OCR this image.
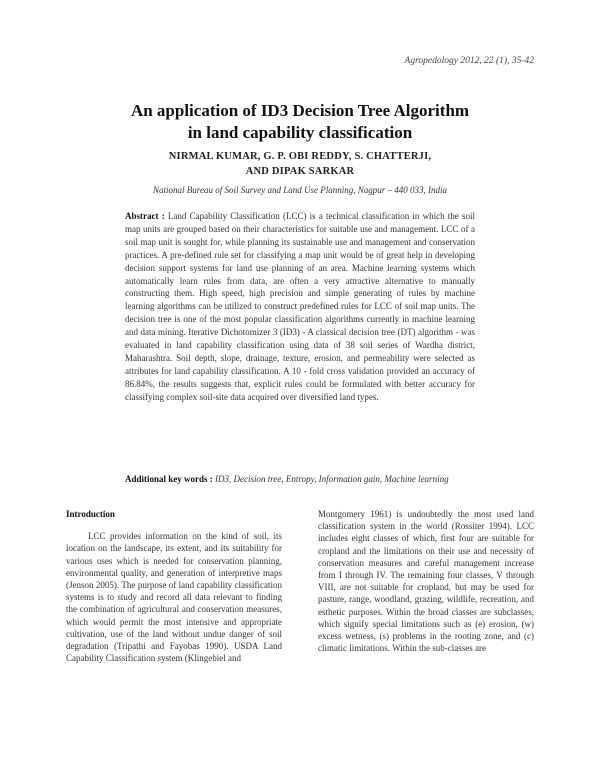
Agropedology 2012, 22 (1), 35-42
An application of ID3 Decision Tree Algorithm
in land capability classification
NIRMAL KUMAR, G. P. OBI REDDY, S. CHATTERJI,
AND DIPAK SARKAR
National Bureau of Soil Survey and Land Use Planning, Nagpur – 440 033, India
Abstract : Land Capability Classification (LCC) is a technical classification in which the soil map units are grouped based on their characteristics for suitable use and management. LCC of a soil map unit is sought for, while planning its sustainable use and management and conservation practices. A pre-defined rule set for classifying a map unit would be of great help in developing decision support systems for land use planning of an area. Machine learning systems which automatically learn rules from data, are often a very attractive alternative to manually constructing them. High speed, high precision and simple generating of rules by machine learning algorithms can be utilized to construct predefined rules for LCC of soil map units. The decision tree is one of the most popular classification algorithms currently in machine learning and data mining. Iterative Dichotomizer 3 (ID3) - A classical decision tree (DT) algorithm - was evaluated in land capability classification using data of 38 soil series of Wardha district, Maharashtra. Soil depth, slope, drainage, texture, erosion, and permeability were selected as attributes for land capability classification. A 10 - fold cross validation provided an accuracy of 86.84%, the results suggests that, explicit rules could be formulated with better accuracy for classifying complex soil-site data acquired over diversified land types.
Additional key words : ID3, Decision tree, Entropy, Information gain, Machine learning
Introduction
LCC provides information on the kind of soil, its location on the landscape, its extent, and its suitability for various uses which is needed for conservation planning, environmental quality, and generation of interpretive maps (Jenson 2005). The purpose of land capability classification systems is to study and record all data relevant to finding the combination of agricultural and conservation measures, which would permit the most intensive and appropriate cultivation, use of the land without undue danger of soil degradation (Tripathi and Fayobas 1990). USDA Land Capability Classification system (Klingebiel and
Montgomery 1961) is undoubtedly the most used land classification system in the world (Rossiter 1994). LCC includes eight classes of which, first four are suitable for cropland and the limitations on their use and necessity of conservation measures and careful management increase from I through IV. The remaining four classes, V through VIII, are not suitable for cropland, but may be used for pasture, range, woodland, grazing, wildlife, recreation, and esthetic purposes. Within the broad classes are subclasses, which signify special limitations such as (e) erosion, (w) excess wetness, (s) problems in the rooting zone, and (c) climatic limitations. Within the sub-classes are
